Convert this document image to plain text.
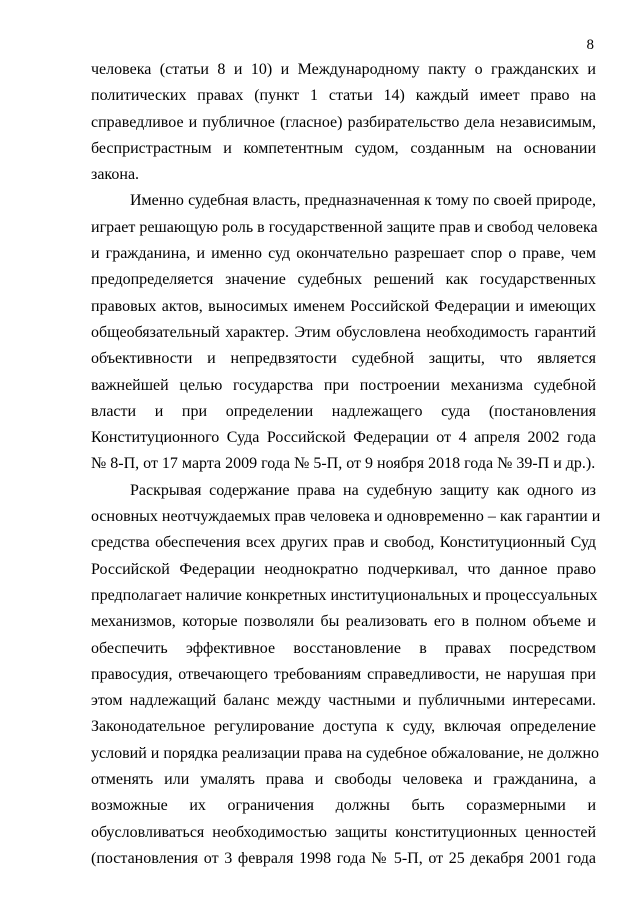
8
человека (статьи 8 и 10) и Международному пакту о гражданских и
политических правах (пункт 1 статьи 14) каждый имеет право на
справедливое и публичное (гласное) разбирательство дела независимым,
беспристрастным и компетентным судом, созданным на основании
закона.
Именно судебная власть, предназначенная к тому по своей природе,
играет решающую роль в государственной защите прав и свобод человека
и гражданина, и именно суд окончательно разрешает спор о праве, чем
предопределяется значение судебных решений как государственных
правовых актов, выносимых именем Российской Федерации и имеющих
общеобязательный характер. Этим обусловлена необходимость гарантий
объективности и непредвзятости судебной защиты, что является
важнейшей целью государства при построении механизма судебной
власти и при определении надлежащего суда (постановления
Конституционного Суда Российской Федерации от 4 апреля 2002 года
№ 8-П, от 17 марта 2009 года № 5-П, от 9 ноября 2018 года № 39-П и др.).
Раскрывая содержание права на судебную защиту как одного из
основных неотчуждаемых прав человека и одновременно – как гарантии и
средства обеспечения всех других прав и свобод, Конституционный Суд
Российской Федерации неоднократно подчеркивал, что данное право
предполагает наличие конкретных институциональных и процессуальных
механизмов, которые позволяли бы реализовать его в полном объеме и
обеспечить эффективное восстановление в правах посредством
правосудия, отвечающего требованиям справедливости, не нарушая при
этом надлежащий баланс между частными и публичными интересами.
Законодательное регулирование доступа к суду, включая определение
условий и порядка реализации права на судебное обжалование, не должно
отменять или умалять права и свободы человека и гражданина, а
возможные их ограничения должны быть соразмерными и
обусловливаться необходимостью защиты конституционных ценностей
(постановления от 3 февраля 1998 года № 5-П, от 25 декабря 2001 года
